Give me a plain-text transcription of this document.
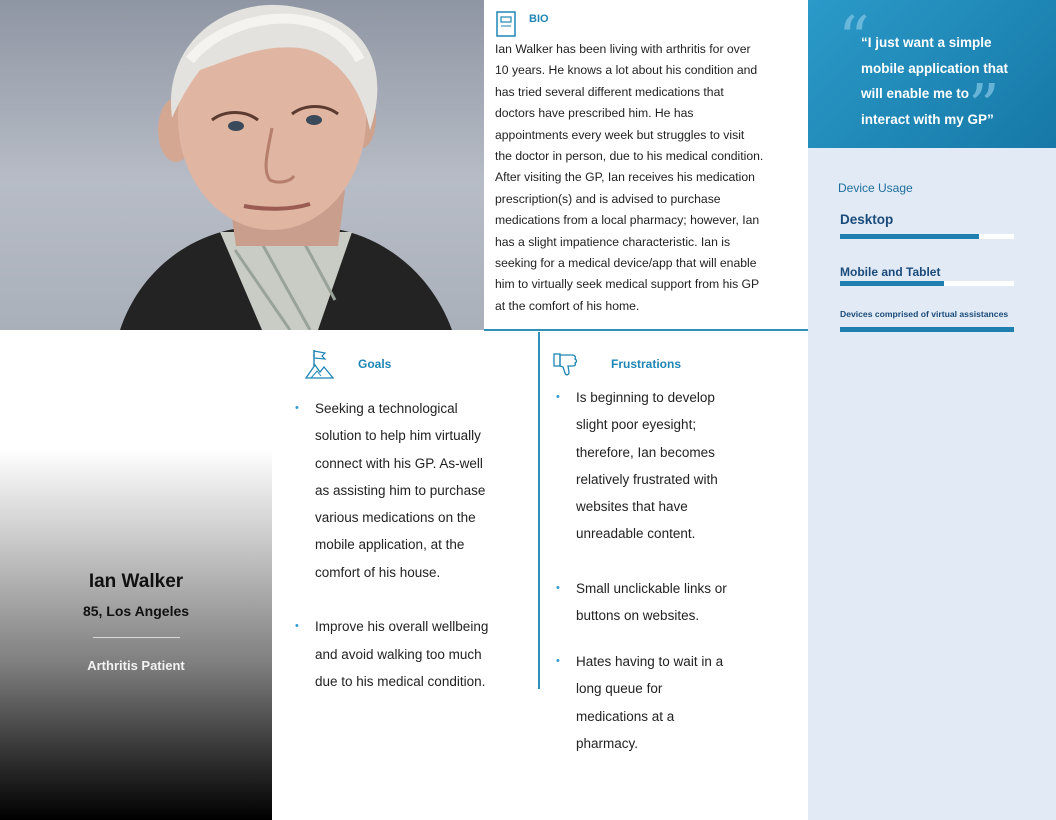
BIO
Ian Walker has been living with arthritis for over
10 years. He knows a lot about his condition and
has tried several different medications that
doctors have prescribed him. He has
appointments every week but struggles to visit
the doctor in person, due to his medical condition.
After visiting the GP, Ian receives his medication
prescription(s) and is advised to purchase
medications from a local pharmacy; however, Ian
has a slight impatience characteristic. Ian is
seeking for a medical device/app that will enable
him to virtually seek medical support from his GP
at the comfort of his home.
“
”
“I just want a simple
mobile application that
will enable me to
interact with my GP”
Device Usage
Desktop
Mobile and Tablet
Devices comprised of virtual assistances
Ian Walker
85, Los Angeles
Arthritis Patient
Goals
• Seeking a technological
solution to help him virtually
connect with his GP. As-well
as assisting him to purchase
various medications on the
mobile application, at the
comfort of his house.
• Improve his overall wellbeing
and avoid walking too much
due to his medical condition.
Frustrations
• Is beginning to develop
slight poor eyesight;
therefore, Ian becomes
relatively frustrated with
websites that have
unreadable content.
• Small unclickable links or
buttons on websites.
• Hates having to wait in a
long queue for
medications at a
pharmacy.
